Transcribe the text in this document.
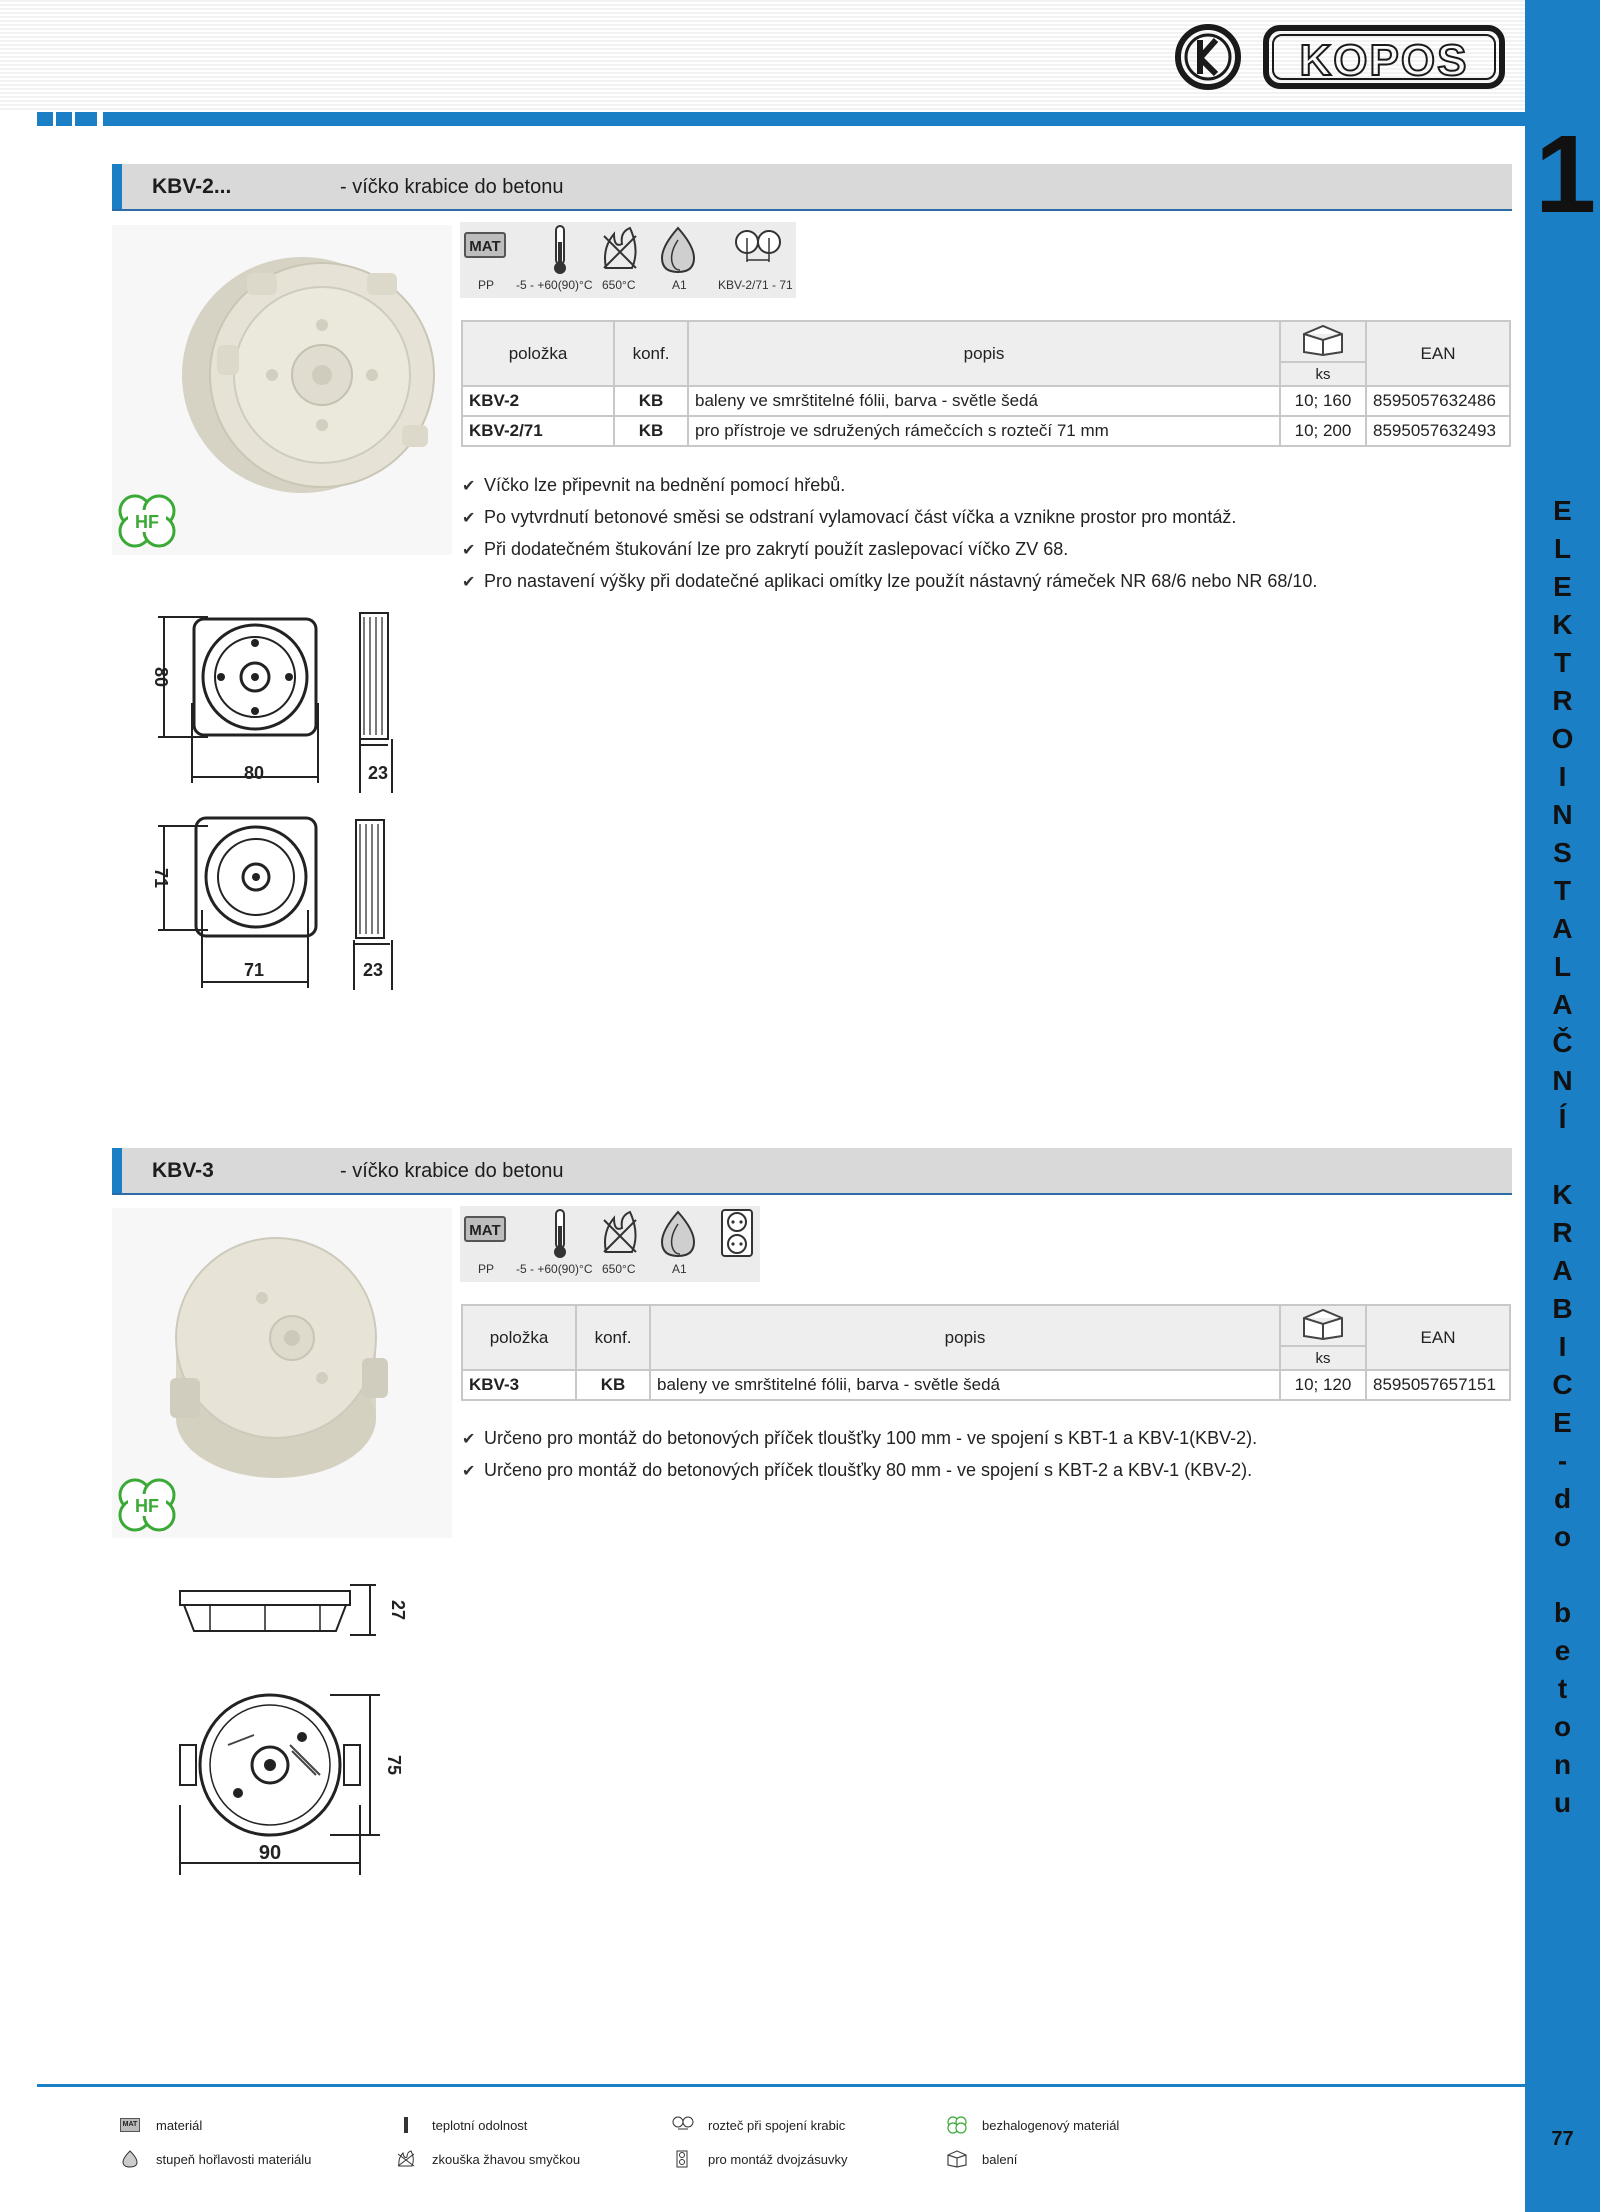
KOPOS
1
E
L
E
K
T
R
O
I
N
S
T
A
L
A
Č
N
Í
K
R
A
B
I
C
E
-
d
o
b
e
t
o
n
u
77
KBV-2...	- víčko krabice do betonu
HF
MAT
PP -5 - +60(90)°C 650°C	A1	KBV-2/71 - 71
položka	konf.	popis		EAN
			ks	
KBV-2	KB	baleny ve smrštitelné fólii, barva - světle šedá	10; 160	8595057632486
KBV-2/71	KB	pro přístroje ve sdružených rámečcích s roztečí 71 mm	10; 200	8595057632493
✔ Víčko lze připevnit na bednění pomocí hřebů.
✔ Po vytvrdnutí betonové směsi se odstraní vylamovací část víčka a vznikne prostor pro montáž.
✔ Při dodatečném štukování lze pro zakrytí použít zaslepovací víčko ZV 68.
✔ Pro nastavení výšky při dodatečné aplikaci omítky lze použít nástavný rámeček NR 68/6 nebo NR 68/10.
80
80	23
71
71	23
KBV-3	- víčko krabice do betonu
HF
MAT
PP -5 - +60(90)°C 650°C	A1
položka	konf.	popis		EAN
			ks	
KBV-3	KB	baleny ve smrštitelné fólii, barva - světle šedá	10; 120	8595057657151
✔ Určeno pro montáž do betonových příček tloušťky 100 mm - ve spojení s KBT-1 a KBV-1(KBV-2).
✔ Určeno pro montáž do betonových příček tloušťky 80 mm - ve spojení s KBT-2 a KBV-1 (KBV-2).
27
75
90
MAT materiál
stupeň hořlavosti materiálu
teplotní odolnost
zkouška žhavou smyčkou
rozteč při spojení krabic
pro montáž dvojzásuvky
bezhalogenový materiál
balení
